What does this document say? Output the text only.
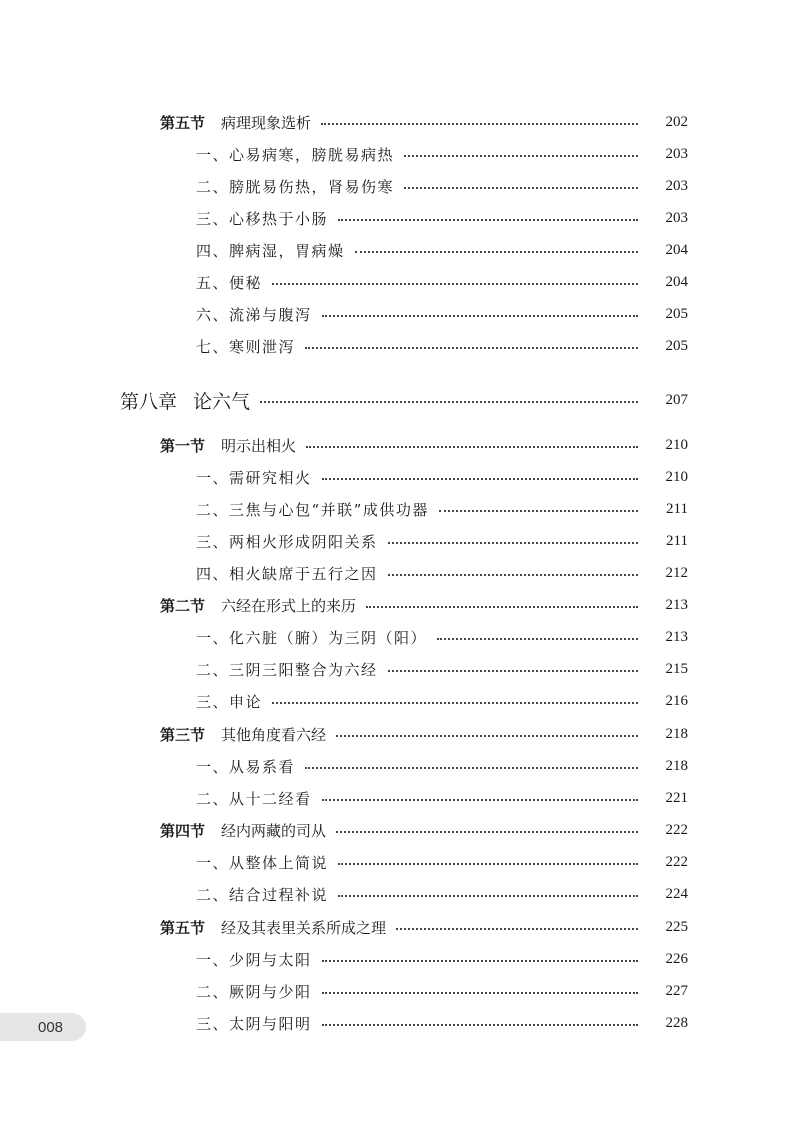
第五节 病理现象选析	202
一、心易病寒，膀胱易病热	203
二、膀胱易伤热，肾易伤寒	203
三、心移热于小肠	203
四、脾病湿，胃病燥	204
五、便秘	204
六、流涕与腹泻	205
七、寒则泄泻	205
第八章 论六气	207
第一节 明示出相火	210
一、需研究相火	210
二、三焦与心包“并联”成供功器	211
三、两相火形成阴阳关系	211
四、相火缺席于五行之因	212
第二节 六经在形式上的来历	213
一、化六脏（腑）为三阴（阳）	213
二、三阴三阳整合为六经	215
三、申论	216
第三节 其他角度看六经	218
一、从易系看	218
二、从十二经看	221
第四节 经内两藏的司从	222
一、从整体上简说	222
二、结合过程补说	224
第五节 经及其表里关系所成之理	225
一、少阴与太阳	226
二、厥阴与少阳	227
三、太阴与阳明	228
008
